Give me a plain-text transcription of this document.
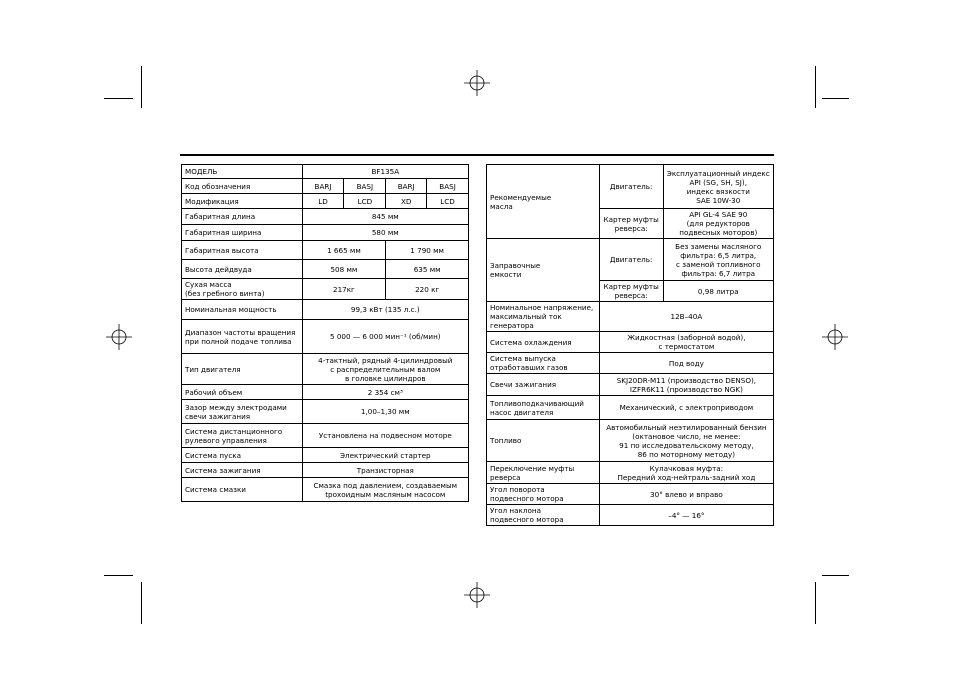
МОДЕЛЬ	BF135A			
Код обозначения	BARJ	BASJ	BARJ	BASJ
Модификация	LD	LCD	XD	LCD
Габаритная длина	845 мм			
Габаритная ширина	580 мм			
Габаритная высота	1 665 мм		1 790 мм	
Высота дейдвуда	508 мм		635 мм	
Сухая масса
(без гребного винта)	217кг		220 кг	
Номинальная мощность	99,3 кВт (135 л.с.)			
Диапазон частоты вращения
при полной подаче топлива	5 000 — 6 000 мин⁻¹ (об/мин)			
Тип двигателя	4-тактный, рядный 4-цилиндровый
с распределительным валом
в головке цилиндров			
Рабочий объем	2 354 см³			
Зазор между электродами
свечи зажигания	1,00–1,30 мм			
Система дистанционного
рулевого управления	Установлена на подвесном моторе			
Система пуска	Электрический стартер			
Система зажигания	Транзисторная			
Система смазки	Смазка под давлением, создаваемым
tрохоидным масляным насосом			
Рекомендуемые
масла	Двигатель:	Эксплуатационный индекс
API (SG, SH, SJ),
индекс вязкости
SAE 10W-30
	Картер муфты
реверса:	API GL-4 SAE 90
(для редукторов
подвесных моторов)
Заправочные
емкости	Двигатель:	Без замены масляного
фильтра: 6,5 литра,
с заменой топливного
фильтра: 6,7 литра
	Картер муфты
реверса:	0,98 литра
Номинальное напряжение,
максимальный ток
генератора	12В–40А	
Система охлаждения	Жидкостная (заборной водой),
с термостатом	
Система выпуска
отработавших газов	Под воду	
Свечи зажигания	SKJ20DR-M11 (производство DENSO),
IZFR6K11 (производство NGK)	
Топливоподкачивающий
насос двигателя	Механический, с электроприводом	
Топливо	Автомобильный неэтилированный бензин
(октановое число, не менее:
91 по исследовательскому методу,
86 по моторному методу)	
Переключение муфты
реверса	Кулачковая муфта:
Передний ход-нейтраль-задний ход	
Угол поворота
подвесного мотора	30° влево и вправо	
Угол наклона
подвесного мотора	–4° — 16°	
